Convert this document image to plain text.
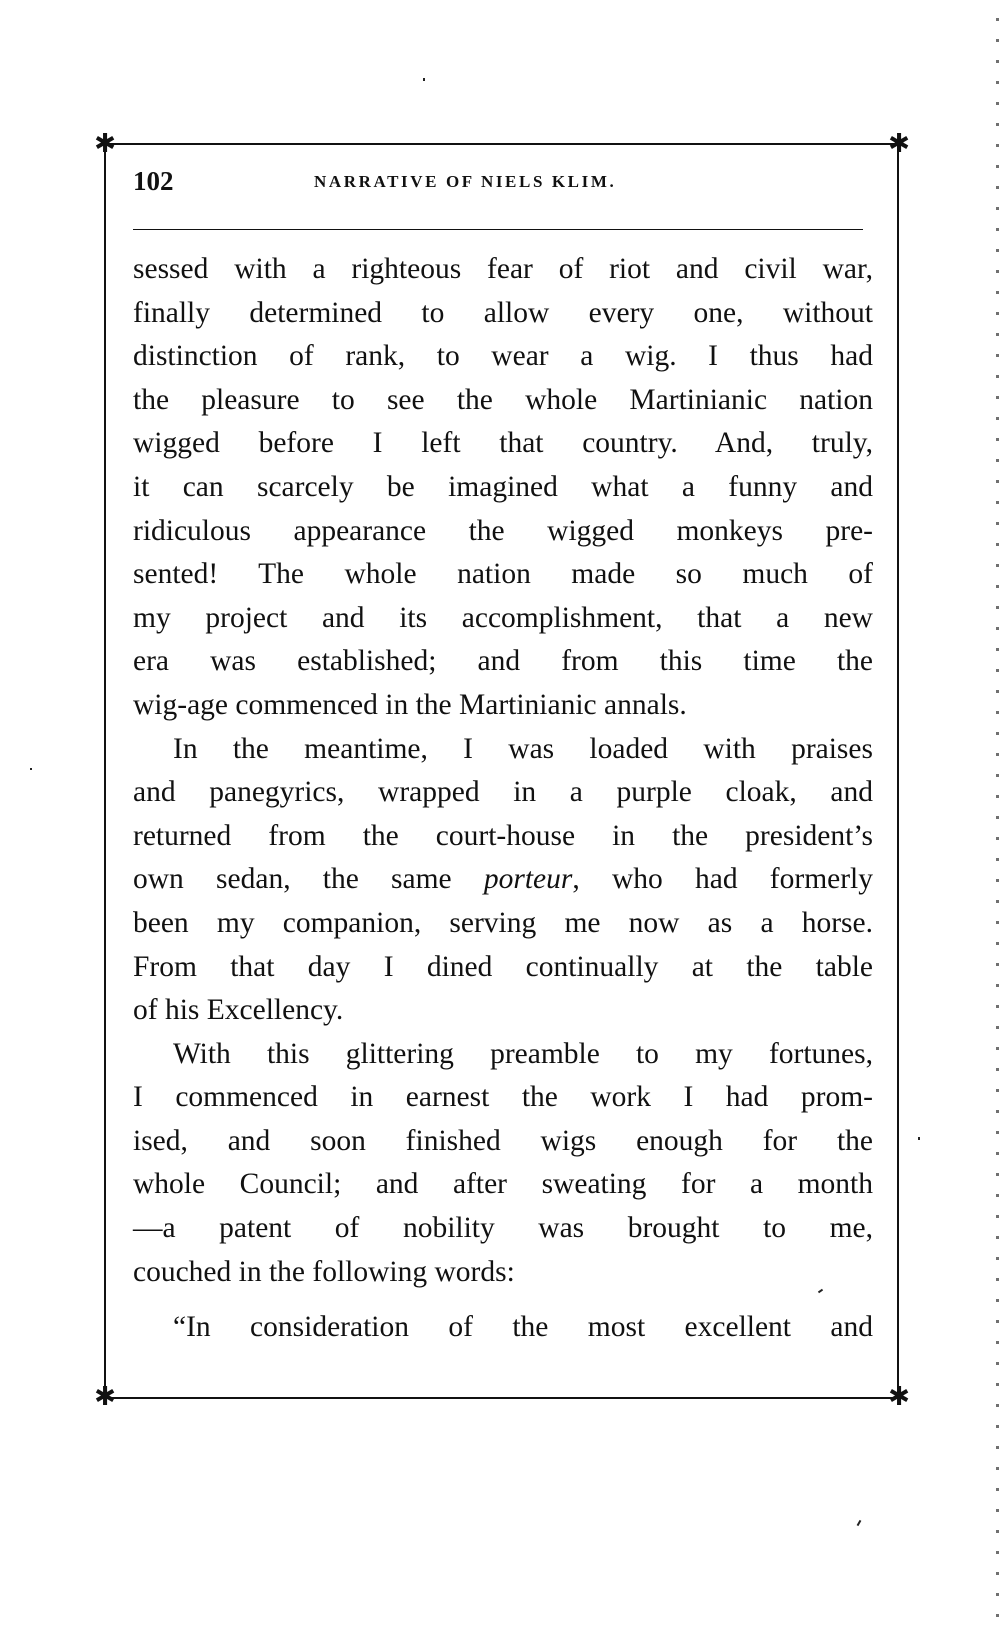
✱	✱
✱	✱
102	NARRATIVE OF NIELS KLIM.
sessed with a righteous fear of riot and civil war,
finally determined to allow every one, without
distinction of rank, to wear a wig. I thus had
the pleasure to see the whole Martinianic nation
wigged before I left that country. And, truly,
it can scarcely be imagined what a funny and
ridiculous appearance the wigged monkeys pre-
sented! The whole nation made so much of
my project and its accomplishment, that a new
era was established; and from this time the
wig-age commenced in the Martinianic annals.
In the meantime, I was loaded with praises
and panegyrics, wrapped in a purple cloak, and
returned from the court-house in the president’s
own sedan, the same porteur, who had formerly
been my companion, serving me now as a horse.
From that day I dined continually at the table
of his Excellency.
With this glittering preamble to my fortunes,
I commenced in earnest the work I had prom-
ised, and soon finished wigs enough for the
whole Council; and after sweating for a month
—a patent of nobility was brought to me,
couched in the following words:
“In consideration of the most excellent and
